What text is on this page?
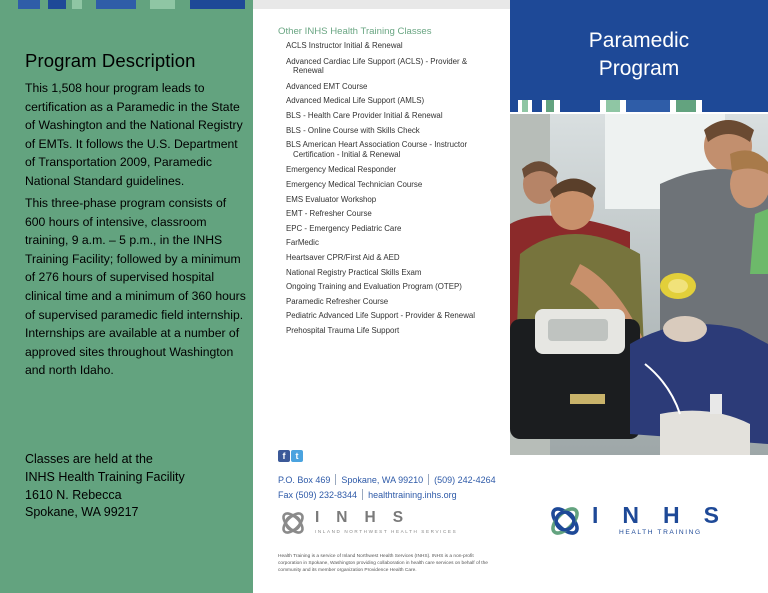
Program Description

This 1,508 hour program leads to certification as a Paramedic in the State of Washington and the National Registry of EMTs. It follows the U.S. Department of Transportation 2009, Paramedic National Standard guidelines.

This three-phase program consists of 600 hours of intensive, classroom training, 9 a.m. – 5 p.m., in the INHS Training Facility; followed by a minimum of 276 hours of supervised hospital clinical time and a minimum of 360 hours of supervised paramedic field internship. Internships are available at a number of approved sites throughout Washington and north Idaho.

Classes are held at the
INHS Health Training Facility
1610 N. Rebecca
Spokane, WA 99217
Other INHS Health Training Classes
ACLS Instructor Initial & Renewal
Advanced Cardiac Life Support (ACLS) - Provider & Renewal
Advanced EMT Course
Advanced Medical Life Support (AMLS)
BLS - Health Care Provider Initial & Renewal
BLS - Online Course with Skills Check
BLS American Heart Association Course - Instructor Certification - Initial & Renewal
Emergency Medical Responder
Emergency Medical Technician Course
EMS Evaluator Workshop
EMT - Refresher Course
EPC - Emergency Pediatric Care
FarMedic
Heartsaver CPR/First Aid & AED
National Registry Practical Skills Exam
Ongoing Training and Evaluation Program (OTEP)
Paramedic Refresher Course
Pediatric Advanced Life Support - Provider & Renewal
Prehospital Trauma Life Support
f t
P.O. Box 469 Spokane, WA 99210 (509) 242-4264
Fax (509) 232-8344 healthtraining.inhs.org
INHS
INLAND NORTHWEST HEALTH SERVICES

Health Training is a service of Inland Northwest Health Services (INHS). INHS is a non-profit corporation in Spokane, Washington providing collaboration in health care services on behalf of the community and its member organization Providence Health Care.

Paramedic
Program
INHS
HEALTH TRAINING
